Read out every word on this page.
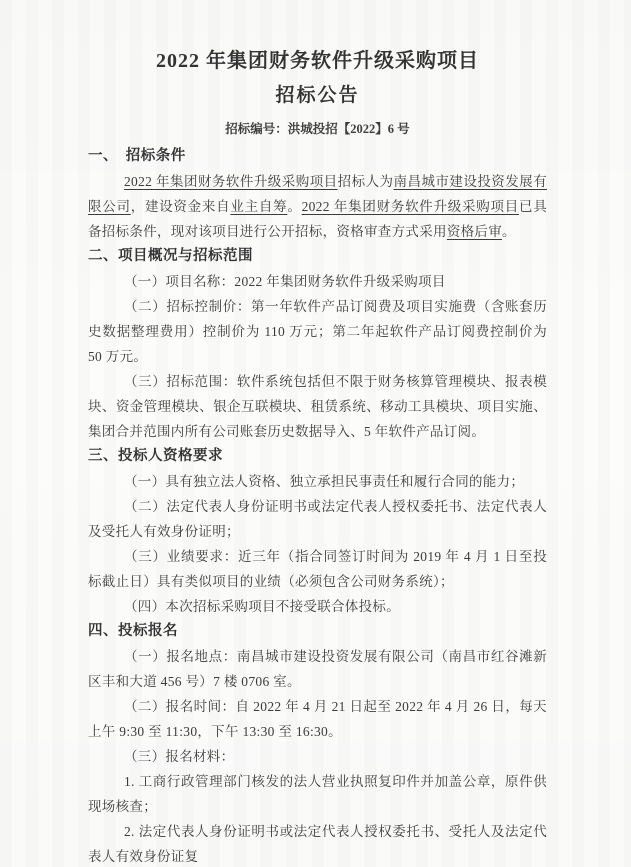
2022 年集团财务软件升级采购项目
招标公告
招标编号：洪城投招【2022】6 号
一、　招标条件

2022 年集团财务软件升级采购项目招标人为南昌城市建设投资发展有限公司，建设资金来自业主自筹。2022 年集团财务软件升级采购项目已具备招标条件，现对该项目进行公开招标，资格审查方式采用资格后审。

二、项目概况与招标范围

（一）项目名称：2022 年集团财务软件升级采购项目

（二）招标控制价：第一年软件产品订阅费及项目实施费（含账套历史数据整理费用）控制价为 110 万元；第二年起软件产品订阅费控制价为 50 万元。

（三）招标范围：软件系统包括但不限于财务核算管理模块、报表模块、资金管理模块、银企互联模块、租赁系统、移动工具模块、项目实施、集团合并范围内所有公司账套历史数据导入、5 年软件产品订阅。

三、投标人资格要求

（一）具有独立法人资格、独立承担民事责任和履行合同的能力；

（二）法定代表人身份证明书或法定代表人授权委托书、法定代表人及受托人有效身份证明；

（三）业绩要求：近三年（指合同签订时间为 2019 年 4 月 1 日至投标截止日）具有类似项目的业绩（必须包含公司财务系统）；

（四）本次招标采购项目不接受联合体投标。

四、投标报名

（一）报名地点：南昌城市建设投资发展有限公司（南昌市红谷滩新区丰和大道 456 号）7 楼 0706 室。

（二）报名时间：自 2022 年 4 月 21 日起至 2022 年 4 月 26 日，每天上午 9:30 至 11:30，下午 13:30 至 16:30。

（三）报名材料：

1. 工商行政管理部门核发的法人营业执照复印件并加盖公章，原件供现场核查；

2. 法定代表人身份证明书或法定代表人授权委托书、受托人及法定代表人有效身份证复
